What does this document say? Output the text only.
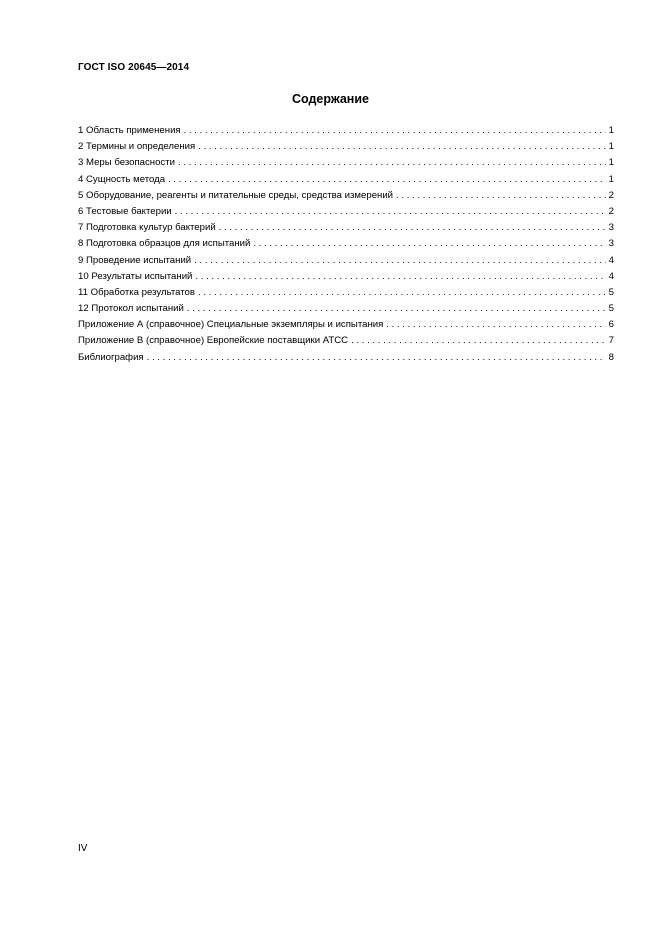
ГОСТ ISO 20645—2014
Содержание
1 Область применения . . .	1
2 Термины и определения . . .	1
3 Меры безопасности . . .	1
4 Сущность метода . . .	1
5 Оборудование, реагенты и питательные среды, средства измерений . . .	2
6 Тестовые бактерии . . .	2
7 Подготовка культур бактерий . . .	3
8 Подготовка образцов для испытаний . . .	3
9 Проведение испытаний . . .	4
10 Результаты испытаний . . .	4
11 Обработка результатов . . .	5
12 Протокол испытаний . . .	5
Приложение А (справочное) Специальные экземпляры и испытания . . .	6
Приложение В (справочное) Европейские поставщики АТСС . . .	7
Библиография . . .	8
IV
